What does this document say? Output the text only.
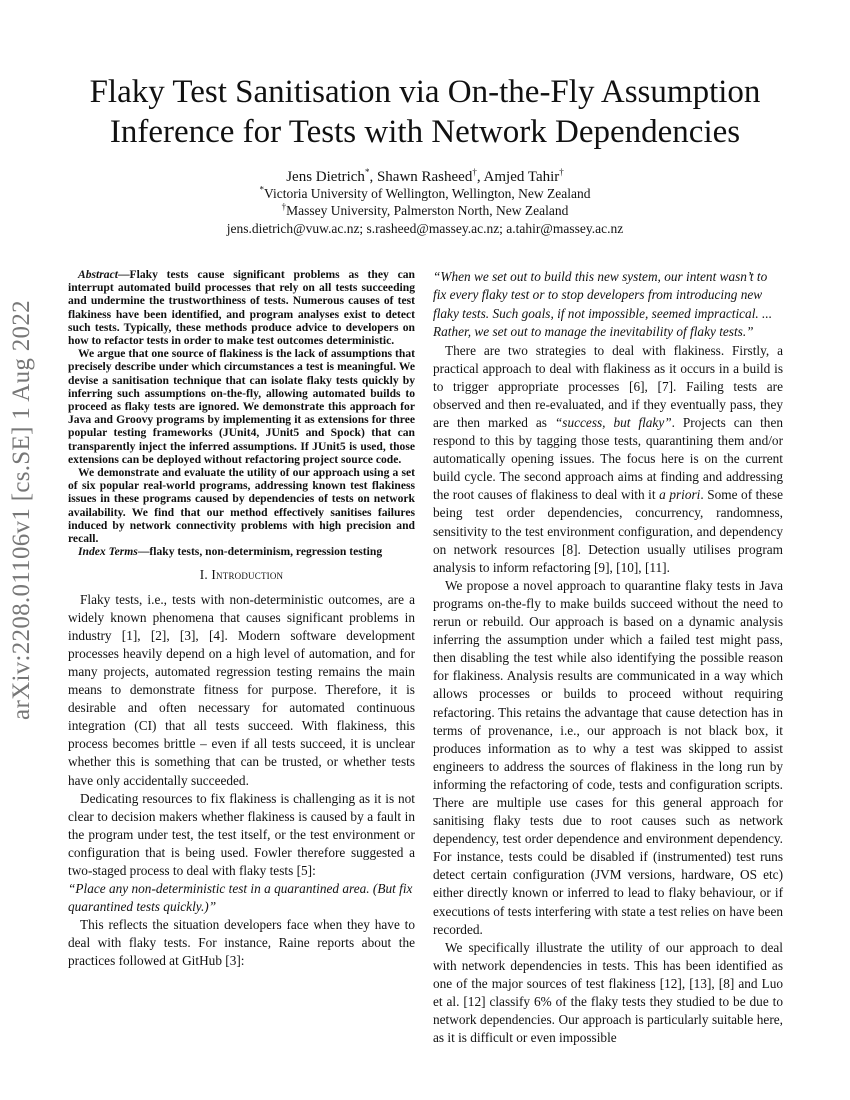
Flaky Test Sanitisation via On-the-Fly Assumption Inference for Tests with Network Dependencies
Jens Dietrich*, Shawn Rasheed†, Amjed Tahir†
*Victoria University of Wellington, Wellington, New Zealand
†Massey University, Palmerston North, New Zealand
jens.dietrich@vuw.ac.nz; s.rasheed@massey.ac.nz; a.tahir@massey.ac.nz
arXiv:2208.01106v1 [cs.SE] 1 Aug 2022

Abstract—Flaky tests cause significant problems as they can interrupt automated build processes that rely on all tests succeeding and undermine the trustworthiness of tests. Numerous causes of test flakiness have been identified, and program analyses exist to detect such tests. Typically, these methods produce advice to developers on how to refactor tests in order to make test outcomes deterministic.

We argue that one source of flakiness is the lack of assumptions that precisely describe under which circumstances a test is meaningful. We devise a sanitisation technique that can isolate flaky tests quickly by inferring such assumptions on-the-fly, allowing automated builds to proceed as flaky tests are ignored. We demonstrate this approach for Java and Groovy programs by implementing it as extensions for three popular testing frameworks (JUnit4, JUnit5 and Spock) that can transparently inject the inferred assumptions. If JUnit5 is used, those extensions can be deployed without refactoring project source code.

We demonstrate and evaluate the utility of our approach using a set of six popular real-world programs, addressing known test flakiness issues in these programs caused by dependencies of tests on network availability. We find that our method effectively sanitises failures induced by network connectivity problems with high precision and recall.

Index Terms—flaky tests, non-determinism, regression testing

I. Introduction

Flaky tests, i.e., tests with non-deterministic outcomes, are a widely known phenomena that causes significant problems in industry [1], [2], [3], [4]. Modern software development processes heavily depend on a high level of automation, and for many projects, automated regression testing remains the main means to demonstrate fitness for purpose. Therefore, it is desirable and often necessary for automated continuous integration (CI) that all tests succeed. With flakiness, this process becomes brittle – even if all tests succeed, it is unclear whether this is something that can be trusted, or whether tests have only accidentally succeeded.

Dedicating resources to fix flakiness is challenging as it is not clear to decision makers whether flakiness is caused by a fault in the program under test, the test itself, or the test environment or configuration that is being used. Fowler therefore suggested a two-staged process to deal with flaky tests [5]:

“Place any non-deterministic test in a quarantined area. (But fix quarantined tests quickly.)”

This reflects the situation developers face when they have to deal with flaky tests. For instance, Raine reports about the practices followed at GitHub [3]:

“When we set out to build this new system, our intent wasn’t to fix every flaky test or to stop developers from introducing new flaky tests. Such goals, if not impossible, seemed impractical. ... Rather, we set out to manage the inevitability of flaky tests.”

There are two strategies to deal with flakiness. Firstly, a practical approach to deal with flakiness as it occurs in a build is to trigger appropriate processes [6], [7]. Failing tests are observed and then re-evaluated, and if they eventually pass, they are then marked as “success, but flaky”. Projects can then respond to this by tagging those tests, quarantining them and/or automatically opening issues. The focus here is on the current build cycle. The second approach aims at finding and addressing the root causes of flakiness to deal with it a priori. Some of these being test order dependencies, concurrency, randomness, sensitivity to the test environment configuration, and dependency on network resources [8]. Detection usually utilises program analysis to inform refactoring [9], [10], [11].

We propose a novel approach to quarantine flaky tests in Java programs on-the-fly to make builds succeed without the need to rerun or rebuild. Our approach is based on a dynamic analysis inferring the assumption under which a failed test might pass, then disabling the test while also identifying the possible reason for flakiness. Analysis results are communicated in a way which allows processes or builds to proceed without requiring refactoring. This retains the advantage that cause detection has in terms of provenance, i.e., our approach is not black box, it produces information as to why a test was skipped to assist engineers to address the sources of flakiness in the long run by informing the refactoring of code, tests and configuration scripts. There are multiple use cases for this general approach for sanitising flaky tests due to root causes such as network dependency, test order dependence and environment dependency. For instance, tests could be disabled if (instrumented) test runs detect certain configuration (JVM versions, hardware, OS etc) either directly known or inferred to lead to flaky behaviour, or if executions of tests interfering with state a test relies on have been recorded.

We specifically illustrate the utility of our approach to deal with network dependencies in tests. This has been identified as one of the major sources of test flakiness [12], [13], [8] and Luo et al. [12] classify 6% of the flaky tests they studied to be due to network dependencies. Our approach is particularly suitable here, as it is difficult or even impossible
